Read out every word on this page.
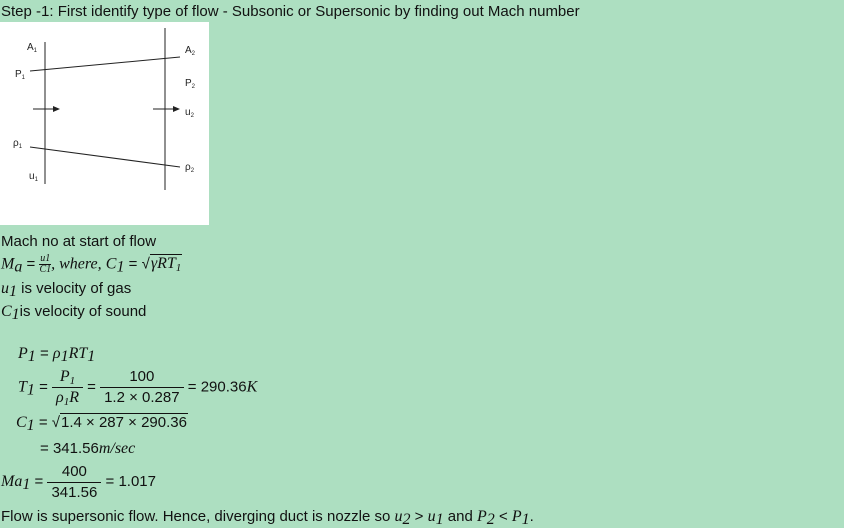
Step -1: First identify type of flow - Subsonic or Supersonic by finding out Mach number
$A_1$	$A_2$
$P_1$	$P_2$
$u_2$
$\rho_1$
$\rho_2$
$u_1$
Mach no at start of flow
$M_a = \frac{u1}{C1}$ , where, $C_1 = √\gamma RT_1$
$u_1$ is velocity of gas
$C_1is$ velocity of sound
$P_1 = \rho_1RT_1$
$T_1 = \frac{P_1}{\rho_1R} = \frac{100}{1.2 \times 0.287} = 290.36K$
$C_1 = √1.4 \times 287 \times 290.36$
= 341.56m/sec
$Ma_1 = \frac{400}{341.56} = 1.017$
Flow is supersonic flow. Hence, diverging duct is nozzle so $u_2 > u_1$ and $P_2 < P_1$.
